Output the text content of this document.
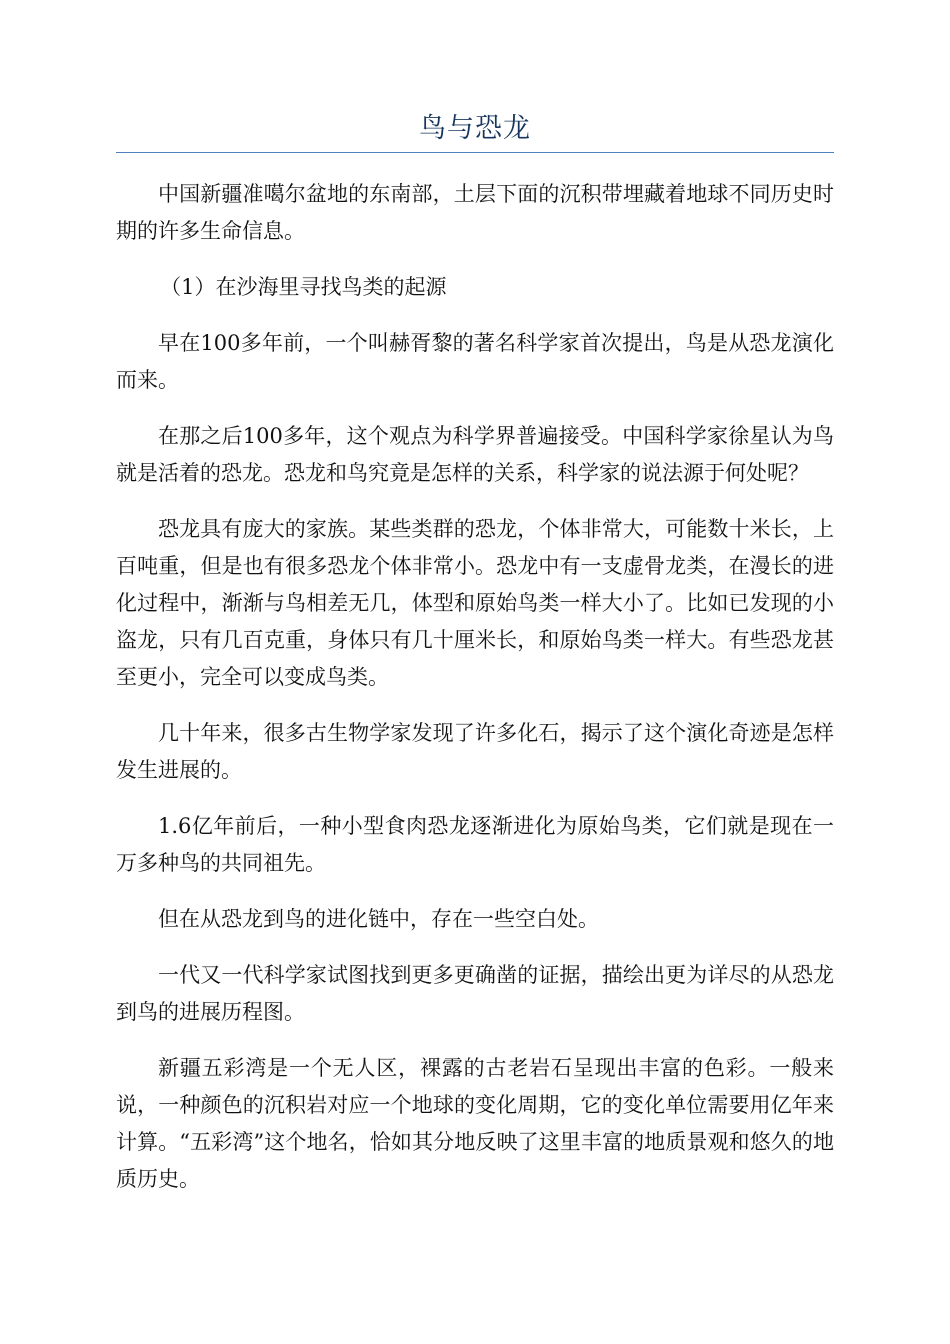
鸟与恐龙

中国新疆准噶尔盆地的东南部，土层下面的沉积带埋藏着地球不同历史时期的许多生命信息。

（1）在沙海里寻找鸟类的起源

早在100多年前，一个叫赫胥黎的著名科学家首次提出，鸟是从恐龙演化而来。

在那之后100多年，这个观点为科学界普遍接受。中国科学家徐星认为鸟就是活着的恐龙。恐龙和鸟究竟是怎样的关系，科学家的说法源于何处呢？

恐龙具有庞大的家族。某些类群的恐龙，个体非常大，可能数十米长，上百吨重，但是也有很多恐龙个体非常小。恐龙中有一支虚骨龙类，在漫长的进化过程中，渐渐与鸟相差无几，体型和原始鸟类一样大小了。比如已发现的小盗龙，只有几百克重，身体只有几十厘米长，和原始鸟类一样大。有些恐龙甚至更小，完全可以变成鸟类。

几十年来，很多古生物学家发现了许多化石，揭示了这个演化奇迹是怎样发生进展的。

1.6亿年前后，一种小型食肉恐龙逐渐进化为原始鸟类，它们就是现在一万多种鸟的共同祖先。

但在从恐龙到鸟的进化链中，存在一些空白处。

一代又一代科学家试图找到更多更确凿的证据，描绘出更为详尽的从恐龙到鸟的进展历程图。

新疆五彩湾是一个无人区，裸露的古老岩石呈现出丰富的色彩。一般来说，一种颜色的沉积岩对应一个地球的变化周期，它的变化单位需要用亿年来计算。“五彩湾”这个地名，恰如其分地反映了这里丰富的地质景观和悠久的地质历史。
